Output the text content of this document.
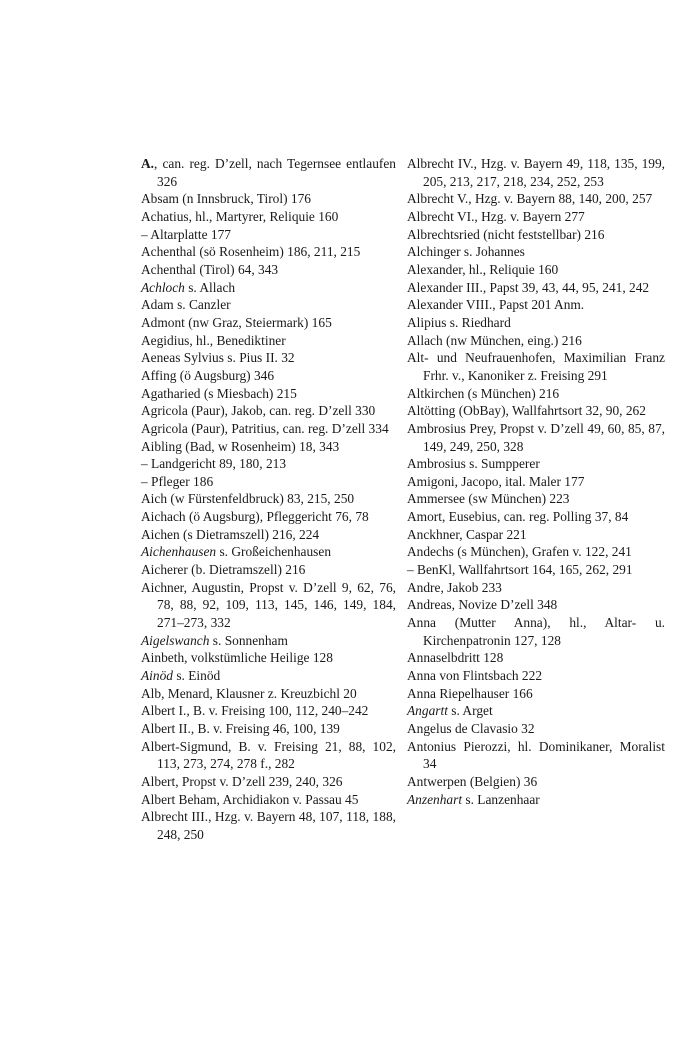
A., can. reg. D’zell, nach Tegernsee entlaufen 326
Absam (n Innsbruck, Tirol) 176
Achatius, hl., Martyrer, Reliquie 160
– Altarplatte 177
Achenthal (sö Rosenheim) 186, 211, 215
Achenthal (Tirol) 64, 343
Achloch s. Allach
Adam s. Canzler
Admont (nw Graz, Steiermark) 165
Aegidius, hl., Benediktiner
Aeneas Sylvius s. Pius II. 32
Affing (ö Augsburg) 346
Agatharied (s Miesbach) 215
Agricola (Paur), Jakob, can. reg. D’zell 330
Agricola (Paur), Patritius, can. reg. D’zell 334
Aibling (Bad, w Rosenheim) 18, 343
– Landgericht 89, 180, 213
– Pfleger 186
Aich (w Fürstenfeldbruck) 83, 215, 250
Aichach (ö Augsburg), Pfleggericht 76, 78
Aichen (s Dietramszell) 216, 224
Aichenhausen s. Großeichenhausen
Aicherer (b. Dietramszell) 216
Aichner, Augustin, Propst v. D’zell 9, 62, 76, 78, 88, 92, 109, 113, 145, 146, 149, 184, 271–273, 332
Aigelswanch s. Sonnenham
Ainbeth, volkstümliche Heilige 128
Ainöd s. Einöd
Alb, Menard, Klausner z. Kreuzbichl 20
Albert I., B. v. Freising 100, 112, 240–242
Albert II., B. v. Freising 46, 100, 139
Albert-Sigmund, B. v. Freising 21, 88, 102, 113, 273, 274, 278 f., 282
Albert, Propst v. D’zell 239, 240, 326
Albert Beham, Archidiakon v. Passau 45
Albrecht III., Hzg. v. Bayern 48, 107, 118, 188, 248, 250
Albrecht IV., Hzg. v. Bayern 49, 118, 135, 199, 205, 213, 217, 218, 234, 252, 253
Albrecht V., Hzg. v. Bayern 88, 140, 200, 257
Albrecht VI., Hzg. v. Bayern 277
Albrechtsried (nicht feststellbar) 216
Alchinger s. Johannes
Alexander, hl., Reliquie 160
Alexander III., Papst 39, 43, 44, 95, 241, 242
Alexander VIII., Papst 201 Anm.
Alipius s. Riedhard
Allach (nw München, eing.) 216
Alt- und Neufrauenhofen, Maximilian Franz Frhr. v., Kanoniker z. Freising 291
Altkirchen (s München) 216
Altötting (ObBay), Wallfahrtsort 32, 90, 262
Ambrosius Prey, Propst v. D’zell 49, 60, 85, 87, 149, 249, 250, 328
Ambrosius s. Sumpperer
Amigoni, Jacopo, ital. Maler 177
Ammersee (sw München) 223
Amort, Eusebius, can. reg. Polling 37, 84
Anckhner, Caspar 221
Andechs (s München), Grafen v. 122, 241
– BenKl, Wallfahrtsort 164, 165, 262, 291
Andre, Jakob 233
Andreas, Novize D’zell 348
Anna (Mutter Anna), hl., Altar- u. Kirchenpatronin 127, 128
Annaselbdritt 128
Anna von Flintsbach 222
Anna Riepelhauser 166
Angartt s. Arget
Angelus de Clavasio 32
Antonius Pierozzi, hl. Dominikaner, Moralist 34
Antwerpen (Belgien) 36
Anzenhart s. Lanzenhaar
